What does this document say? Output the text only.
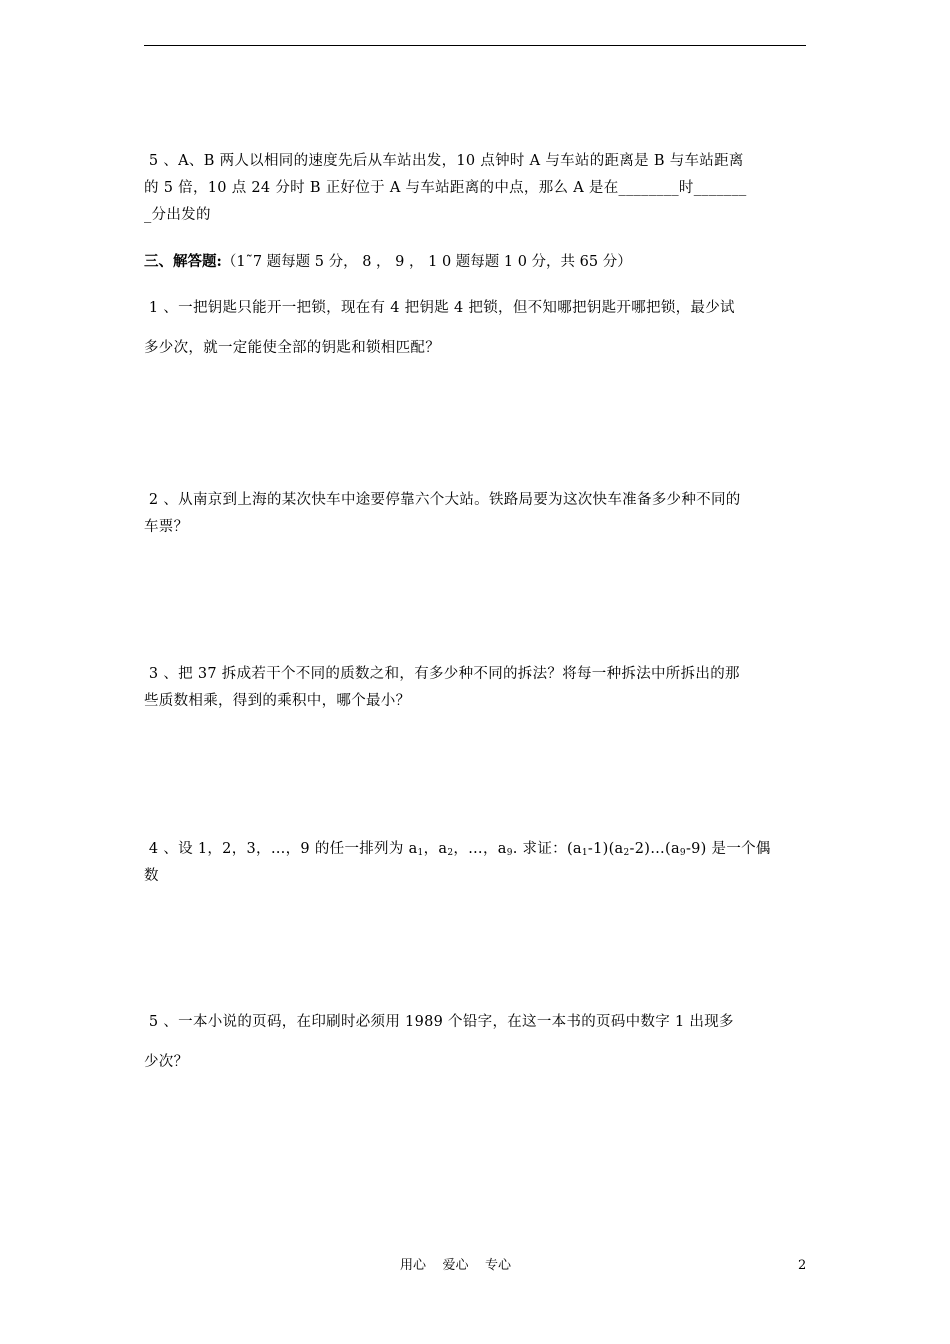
5 、A、B 两人以相同的速度先后从车站出发，10 点钟时 A 与车站的距离是 B 与车站距离
的 5 倍，10 点 24 分时 B 正好位于 A 与车站距离的中点，那么 A 是在________时_______
_分出发的
三、解答题:（1˜7 题每题 5 分， 8 ， 9 ， 1 0 题每题 1 0 分，共 65 分）
1 、一把钥匙只能开一把锁，现在有 4 把钥匙 4 把锁，但不知哪把钥匙开哪把锁，最少试
多少次，就一定能使全部的钥匙和锁相匹配？
2 、从南京到上海的某次快车中途要停靠六个大站。铁路局要为这次快车准备多少种不同的
车票？
3 、把 37 拆成若干个不同的质数之和，有多少种不同的拆法？将每一种拆法中所拆出的那
些质数相乘，得到的乘积中，哪个最小？
4 、设 1，2，3，…，9 的任一排列为 $a_1$，$a_2$，…，$a_9$. 求证：$(a_1-1)(a_2-2)\dots(a_9-9)$ 是一个偶
数
5 、一本小说的页码，在印刷时必须用 1989 个铅字，在这一本书的页码中数字 1 出现多
少次？
用心    爱心    专心	2
